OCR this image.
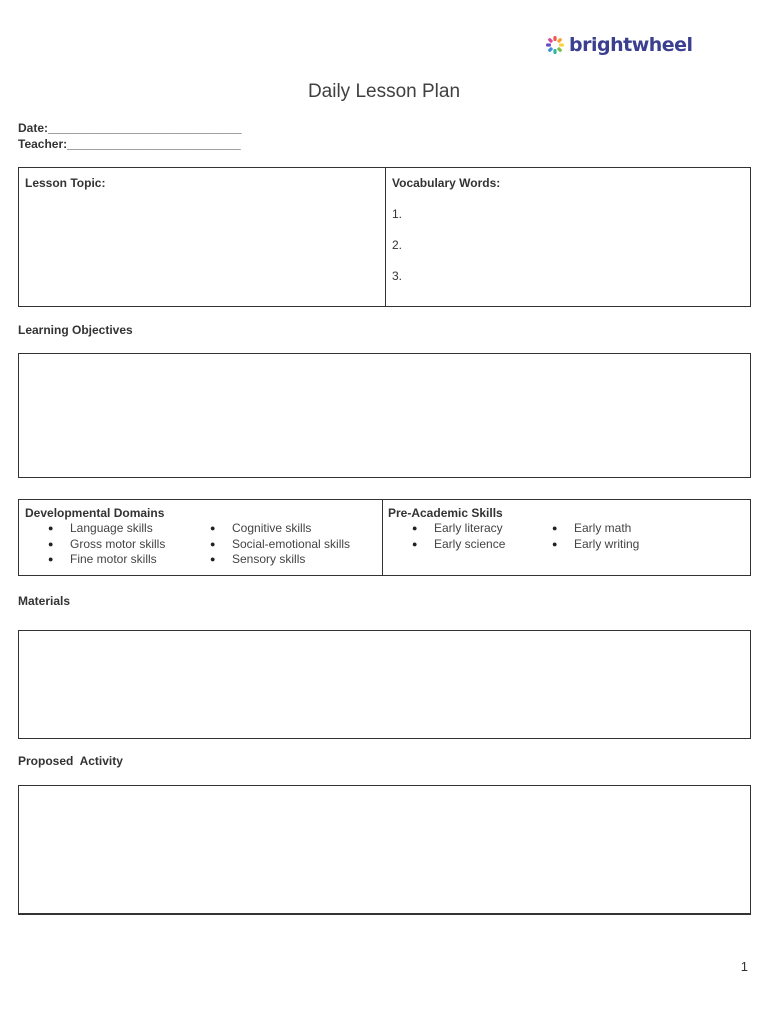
brightwheel
Daily Lesson Plan
Date:_____________________________
Teacher:__________________________
Lesson Topic:	Vocabulary Words:
1.
2.
3.
Learning Objectives
Developmental Domains
● Language skills
● Gross motor skills
● Fine motor skills
● Cognitive skills
● Social-emotional skills
● Sensory skills
Pre-Academic Skills
● Early literacy
● Early science
● Early math
● Early writing
Materials
Proposed  Activity
1
